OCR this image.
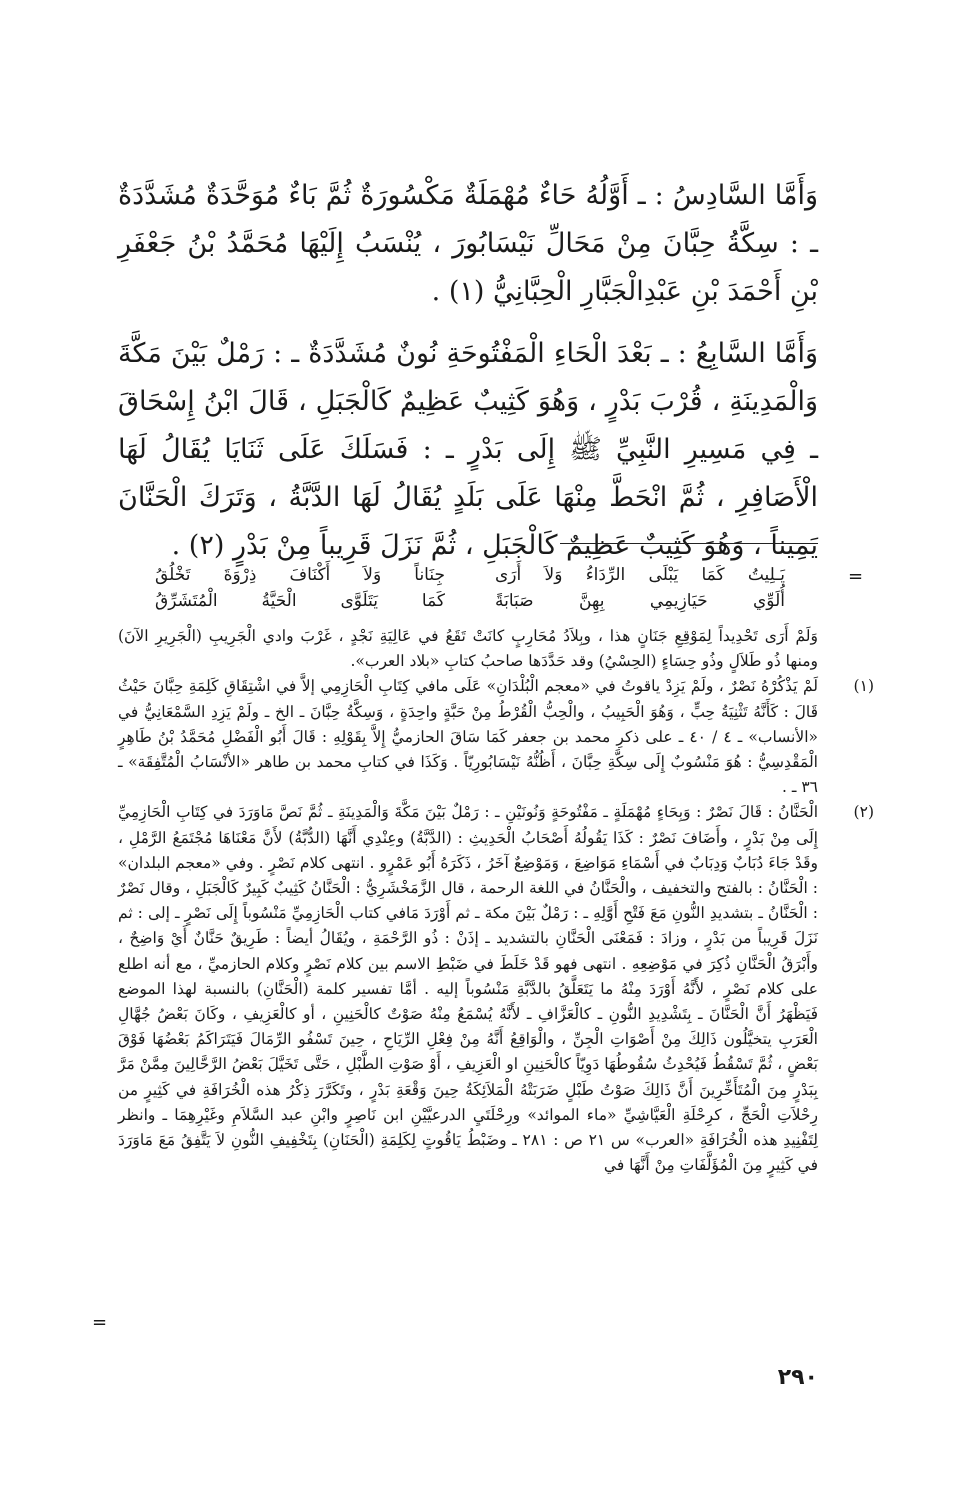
وَأَمَّا السَّادِسُ : ـ أَوَّلُهُ حَاءٌ مُهْمَلَةٌ مَكْسُورَةٌ ثُمَّ بَاءٌ مُوَحَّدَةٌ مُشَدَّدَةٌ ـ : سِكَّةُ حِبَّانَ مِنْ مَحَالِّ نَيْسَابُورَ ، يُنْسَبُ إِلَيْهَا مُحَمَّدُ بْنُ جَعْفَرِ بْنِ أَحْمَدَ بْنِ عَبْدِالْجَبَّارِ الْحِبَّانِيُّ (١) .

وَأَمَّا السَّابِعُ : ـ بَعْدَ الْحَاءِ الْمَفْتُوحَةِ نُونٌ مُشَدَّدَةٌ ـ : رَمْلٌ بَيْنَ مَكَّةَ وَالْمَدِينَةِ ، قُرْبَ بَدْرٍ ، وَهُوَ كَثِيبٌ عَظِيمٌ كَالْجَبَلِ ، قَالَ ابْنُ إِسْحَاقَ ـ فِي مَسِيرِ النَّبِيِّ ﷺ إِلَى بَدْرٍ ـ : فَسَلَكَ عَلَى ثَنَايَا يُقَالُ لَهَا الْأَصَافِرِ ، ثُمَّ انْحَطَّ مِنْهَا عَلَى بَلَدٍ يُقَالُ لَهَا الدَّبَّةُ ، وَتَرَكَ الْحَنَّانَ يَمِيناً ، وَهُوَ كَثِيبٌ عَظِيمٌ كَالْجَبَلِ ، ثُمَّ نَزَلَ قَرِيباً مِنْ بَدْرٍ (٢) .

=
يَـلِيتُ كَمَا يَبْلَى الرِّدَاءُ وَلاَ أَرَى
جِنَاناً وَلاَ أَكْنَافَ ذِرْوَةَ تَخْلُقُ
أُلَوِّي حَيَازِيمِي بِهِنَّ صَبَابَةً
كَمَا يَتَلَوَّى الْحَيَّةُ الْمُتَشَرِّقُ

وَلَمْ أَرَى تَحْدِيداً لِمَوْقِعِ جَنَانٍ هذا ، وبِلاَدُ مُحَارِبٍ كانَتْ تَقَعُ في عَالِيَةِ نَجْدٍ ، غَرْبَ وادي الْجَرِيبِ (الْجَرِيرِ الآنَ) ومنها ذُو طَلاَلٍ وذُو حِسَاءٍ (الحِسْيُ) وقد حَدَّدَها صاحبُ كتابِ «بلاد العرب».

(١)
لَمْ يَذْكُرْهُ نَصْرٌ ، ولَمْ يَزِدْ ياقوتُ في «معجم الْبُلْدَانِ» عَلَى مافي كِتَابِ الْحَازِمِي إلاَّ في اشْتِقَاقِ كَلِمَةِ حِبَّانَ حَيْثُ قَالَ : كَأَنَّهُ تَثْنِيَةُ حِبٍّ ، وَهُوَ الْحَبِيبُ ، والْحِبُّ الْقُرْطُ مِنْ حَبَّةٍ واحِدَةٍ ، وَسِكَّةُ حِبَّانَ ـ الخ ـ ولَمْ يَزِدِ السَّمْعَانِيُّ في «الأنساب» ـ ٤ / ٤٠ ـ على ذكرِ محمد بن جعفر كَمَا سَاقَ الحازميُّ إِلاَّ بِقَوْلِهِ : قَالَ أَبُو الْفَضْلِ مُحَمَّدُ بْنُ طَاهِرٍ الْمَقْدِسِيُّ : هُوَ مَنْسُوبٌ إِلَى سِكَّةِ حِبَّانَ ، أَظُنُّهُ نَيْسَابُورِيّاً . وَكَذَا في كتابِ محمد بن طاهر «الأنْسَابُ الْمُتَّفِقَة» ـ ٣٦ ـ .
(٢)
الْحَنَّانُ : قَالَ نَصْرٌ : وَبِحَاءٍ مُهْمَلَةٍ ـ مَفْتُوحَةٍ وَنُونَيْنِ ـ : رَمْلٌ بَيْنَ مَكَّةَ وَالْمَدِينَةِ ـ ثُمَّ نَصَّ مَاوَرَدَ في كِتَابِ الْحَازِمِيِّ إِلَى مِنْ بَدْرٍ ، وأَضَافَ نَصْرٌ : كَذَا يَقُولُهُ أَصْحَابُ الْحَدِيثِ : (الدَّبَّةُ) وعِنْدِي أَنَّهَا (الدُّبَّةُ) لأَنَّ مَعْنَاهَا مُجْتَمَعُ الرَّمْلِ ، وقَدْ جَاءَ دُبَابٌ وَدِبَابٌ في أَسْمَاءِ مَوَاضِعَ ، وَمَوْضِعٌ آخَرُ ، ذَكَرَهُ أَبُو عَمْرٍو . انتهى كلام نَصْرٍ . وفي «معجم البلدان» : الْحَنَّانُ : بالفتح والتخفيف ، والْحَنَّانُ في اللغة الرحمة ، قال الزَّمَخْشَرِيُّ : الْحَنَّانُ كَثِيبٌ كَبِيرٌ كَالْجَبَلِ ، وقال نَصْرٌ : الْحَنَّانُ ـ بتشديدِ النُّونِ مَعَ فَتْحِ أَوَّلِهِ ـ : رَمْلٌ بَيْنَ مكة ـ ثم أَوْرَدَ مَافي كتاب الْحَازِمِيِّ مَنْسُوباً إِلَى نَصْرٍ ـ إلى : ثم نَزَلَ قَرِيباً من بَدْرٍ ، وزادَ : فَمَعْنَى الْحَنَّانِ بالتشديد ـ إذَنْ : ذُو الرَّحْمَةِ ، ويُقَالُ أيضاً : طَرِيقٌ حَنَّانٌ أَيْ وَاضِحٌ ، وأَبْرَقُ الْحَنَّانِ ذُكِرَ في مَوْضِعِهِ . انتهى فهو قَدْ خَلَطَ في ضَبْطِ الاسم بين كلام نَصْرٍ وكلام الحازميِّ ، مع أنه اطلع على كلام نَصْرٍ ، لأَنَّهُ أَوْرَدَ مِنْهُ ما يَتَعَلَّقُ بالدَّبَّةِ مَنْسُوباً إليه . أمَّا تفسير كلمة (الْحَنَّانِ) بالنسبة لهذا الموضع فَيَظْهَرُ أَنَّ الْحَنَّانَ ـ بِتَشْدِيدِ النُّونِ ـ كالْعَزَّافِ ـ لأَنَّهُ يُسْمَعُ مِنْهُ صَوْتٌ كالْحَنِينِ ، أو كالْعَزِيفِ ، وكَانَ بَعْضُ جُهَّالِ الْعَرَبِ يتخيَّلُون ذَالِكَ مِنْ أَصْوَاتِ الْجِنِّ ، والْوَاقِعُ أَنَّهُ مِنْ فِعْلِ الرِّيَاحِ ، حِينَ تَسْفُو الرِّمَالَ فَيَتَرَاكَمُ بَعْضُهَا فَوْقَ بَعْضٍ ، ثُمَّ تَسْقُطُ فَيُحْدِثُ سُقُوطُهَا دَوِيّاً كالْحَنِينِ او الْعَزِيفِ ، أَوْ صَوْتِ الطَّبْلِ ، حَتَّى تَخَيَّلَ بَعْضُ الرَّحَّالِينَ مِمَّنْ مَرَّ بِبَدْرٍ مِنَ الْمُتَأَخِّرِينَ أَنَّ ذَالِكَ صَوْتُ طَبْلٍ ضَرَبَتْهُ الْمَلاَئِكَةُ حِينَ وَقْعَةِ بَدْرٍ ، وتَكَرَّرَ ذِكْرُ هذه الْخُرَافَةِ في كَثِيرٍ من رِحْلاَتِ الْحَجِّ ، كرِحْلَةِ الْعَيَّاشِيِّ «ماء الموائد» ورِحْلَتَيِ الدرعيَّيْنِ ابن نَاصِرٍ وابْنِ عبد السَّلاَمِ وغَيْرِهِمَا ـ وانظر لِتَفْنِيدِ هذه الْخُرَافَةِ «العرب» س ٢١ ص : ٢٨١ ـ وضَبْطُ يَاقُوتٍ لِكَلِمَةِ (الْحَنَانِ) بِتَخْفِيفِ النُّونِ لاَ يَتَّفِقُ مَعَ مَاوَرَدَ في كَثِيرٍ مِنَ الْمُؤَلَّفَاتِ مِنْ أَنَّهَا في
=
٢٩٠
